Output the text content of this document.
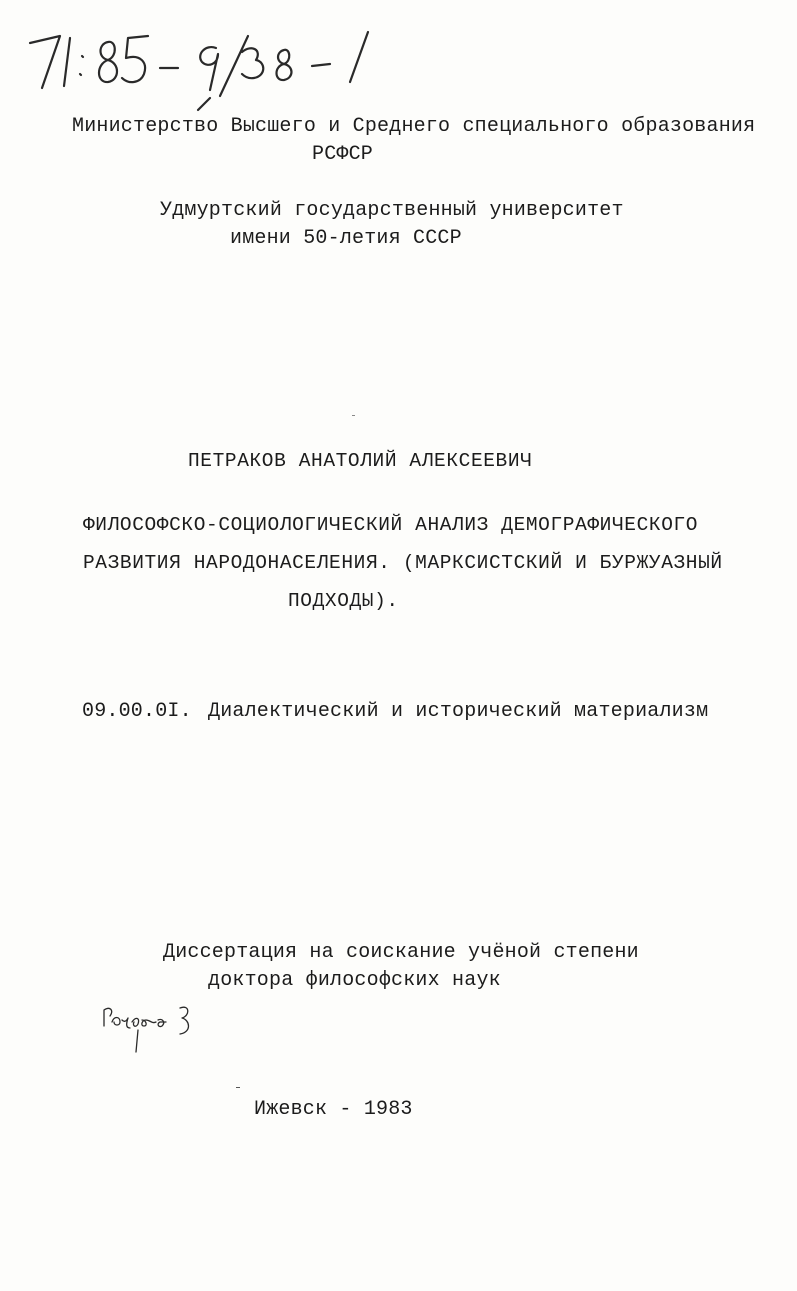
Министерство Высшего и Среднего специального образования
РСФСР
Удмуртский государственный университет
имени 50-летия СССР
ПЕТРАКОВ АНАТОЛИЙ АЛЕКСЕЕВИЧ
ФИЛОСОФСКО-СОЦИОЛОГИЧЕСКИЙ АНАЛИЗ ДЕМОГРАФИЧЕСКОГО
РАЗВИТИЯ НАРОДОНАСЕЛЕНИЯ. (МАРКСИСТСКИЙ И БУРЖУАЗНЫЙ
ПОДХОДЫ).
09.00.0I. Диалектический и исторический материализм
Диссертация на соискание учёной степени
доктора философских наук
Ижевск - 1983
